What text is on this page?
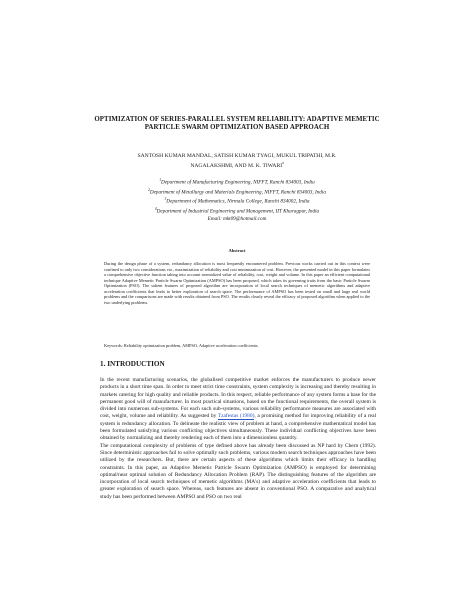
OPTIMIZATION OF SERIES-PARALLEL SYSTEM RELIABILITY: ADAPTIVE MEMETIC PARTICLE SWARM OPTIMIZATION BASED APPROACH
SANTOSH KUMAR MANDAL, SATISH KUMAR TYAGI, MUKUL TRIPATHI, M.R.
NAGALAKSHMI, AND M. K. TIWARI$^a$
$^1$Department of Manufacturing Engineering, NIFFT, Ranchi 834003, India
$^2$Department of Metallurgy and Materials Engineering, NIFFT, Ranchi 834003, India
$^3$Department of Mathematics, Nirmala College, Ranchi 834002, India
$^4$Department of Industrial Engineering and Management, IIT Kharagpur, India
Email: mkt09@hotmail.com
Abstract
During the design phase of a system, redundancy allocation is most frequently encountered problem. Previous works carried out in this context were confined to only two considerations viz., maximization of reliability and cost minimization of cost. However, the presented model in this paper formulates a comprehensive objective function taking into account normalized value of reliability, cost, weight and volume. In this paper an efficient computational technique Adaptive Memetic Particle Swarm Optimization (AMPSO) has been proposed, which takes its governing traits from the basic Particle Swarm Optimization (PSO). The salient features of proposed algorithm are incorporation of local search techniques of memetic algorithms and adaptive acceleration coefficients that leads to better exploration of search space. The performance of AMPSO has been tested on small and large real world problems and the comparisons are made with results obtained from PSO. The results clearly reveal the efficacy of proposed algorithm when applied to the two underlying problems.
Keywords: Reliability optimization problem, AMPSO, Adaptive acceleration coefficients.
1. INTRODUCTION

In the recent manufacturing scenarios, the globalised competitive market enforces the manufacturers to produce newer products in a short time span. In order to meet strict time constraints, system complexity is increasing and thereby resulting in markets catering for high quality and reliable products. In this respect, reliable performance of any system forms a base for the permanent good will of manufacturer. In most practical situations, based on the functional requirements, the overall system is divided into numerous sub-systems. For each such sub-systems, various reliability performance measures are associated with cost, weight, volume and reliability. As suggested by Tzafestas (1980), a promising method for improving reliability of a real system is redundancy allocation. To delineate the realistic view of problem at hand, a comprehensive mathematical model has been formulated satisfying various conflicting objectives simultaneously. These individual conflicting objectives have been obtained by normalizing and thereby rendering each of them into a dimensionless quantity.

The computational complexity of problems of type defined above has already been discussed as NP hard by Chern (1992). Since deterministic approaches fail to solve optimally such problems, various modern search techniques approaches have been utilized by the researchers. But, there are certain aspects of these algorithms which limits their efficacy in handling constraints. In this paper, an Adaptive Memetic Particle Swarm Optimization (AMPSO) is employed for determining optimal/near optimal solution of Redundancy Allocation Problem (RAP). The distinguishing features of the algorithm are incorporation of local search techniques of memetic algorithms (MA's) and adaptive acceleration coefficients that leads to greater exploration of search space. Whereas, such features are absent in conventional PSO. A comparative and analytical study has been performed between AMPSO and PSO on two real
